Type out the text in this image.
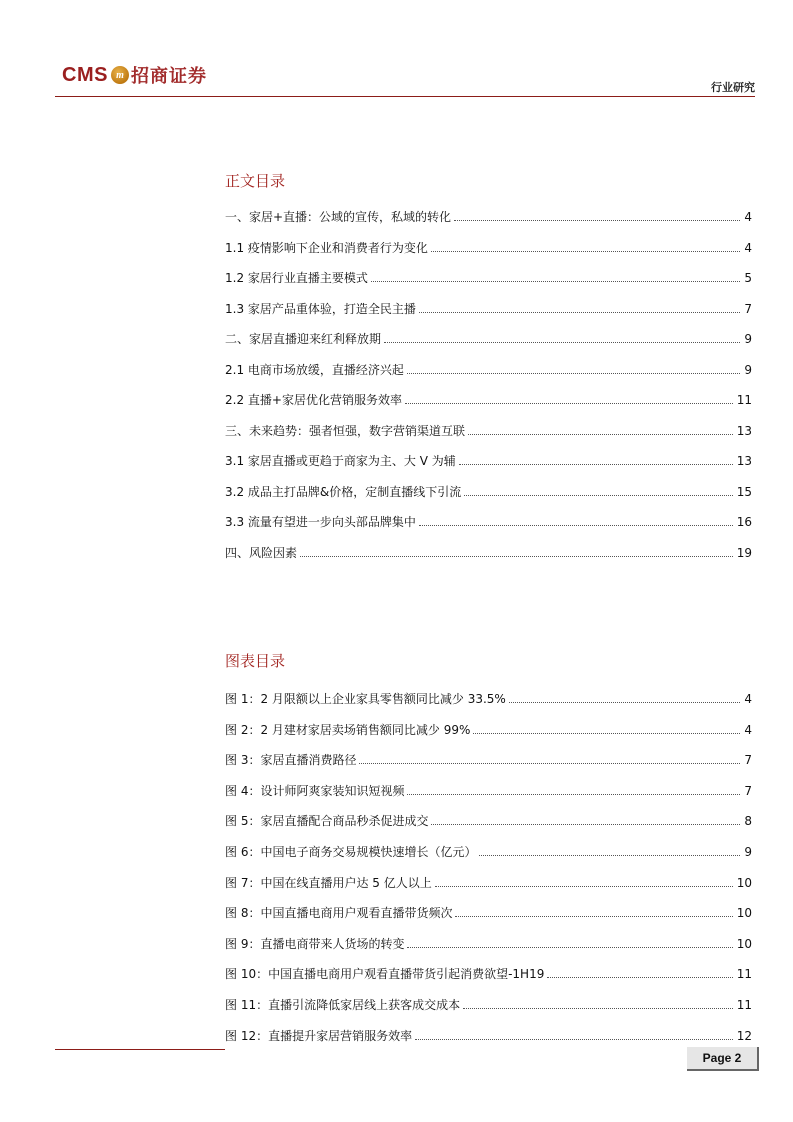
CMS m 招商证券
行业研究
正文目录
一、家居+直播：公域的宣传，私域的转化	4
1.1 疫情影响下企业和消费者行为变化	4
1.2 家居行业直播主要模式	5
1.3 家居产品重体验，打造全民主播	7
二、家居直播迎来红利释放期	9
2.1 电商市场放缓，直播经济兴起	9
2.2 直播+家居优化营销服务效率	11
三、未来趋势：强者恒强，数字营销渠道互联	13
3.1 家居直播或更趋于商家为主、大 V 为辅	13
3.2 成品主打品牌&价格，定制直播线下引流	15
3.3 流量有望进一步向头部品牌集中	16
四、风险因素	19
图表目录
图 1：2 月限额以上企业家具零售额同比减少 33.5%	4
图 2：2 月建材家居卖场销售额同比减少 99%	4
图 3：家居直播消费路径	7
图 4：设计师阿爽家装知识短视频	7
图 5：家居直播配合商品秒杀促进成交	8
图 6：中国电子商务交易规模快速增长（亿元）	9
图 7：中国在线直播用户达 5 亿人以上	10
图 8：中国直播电商用户观看直播带货频次	10
图 9：直播电商带来人货场的转变	10
图 10：中国直播电商用户观看直播带货引起消费欲望-1H19	11
图 11：直播引流降低家居线上获客成交成本	11
图 12：直播提升家居营销服务效率	12
Page 2
